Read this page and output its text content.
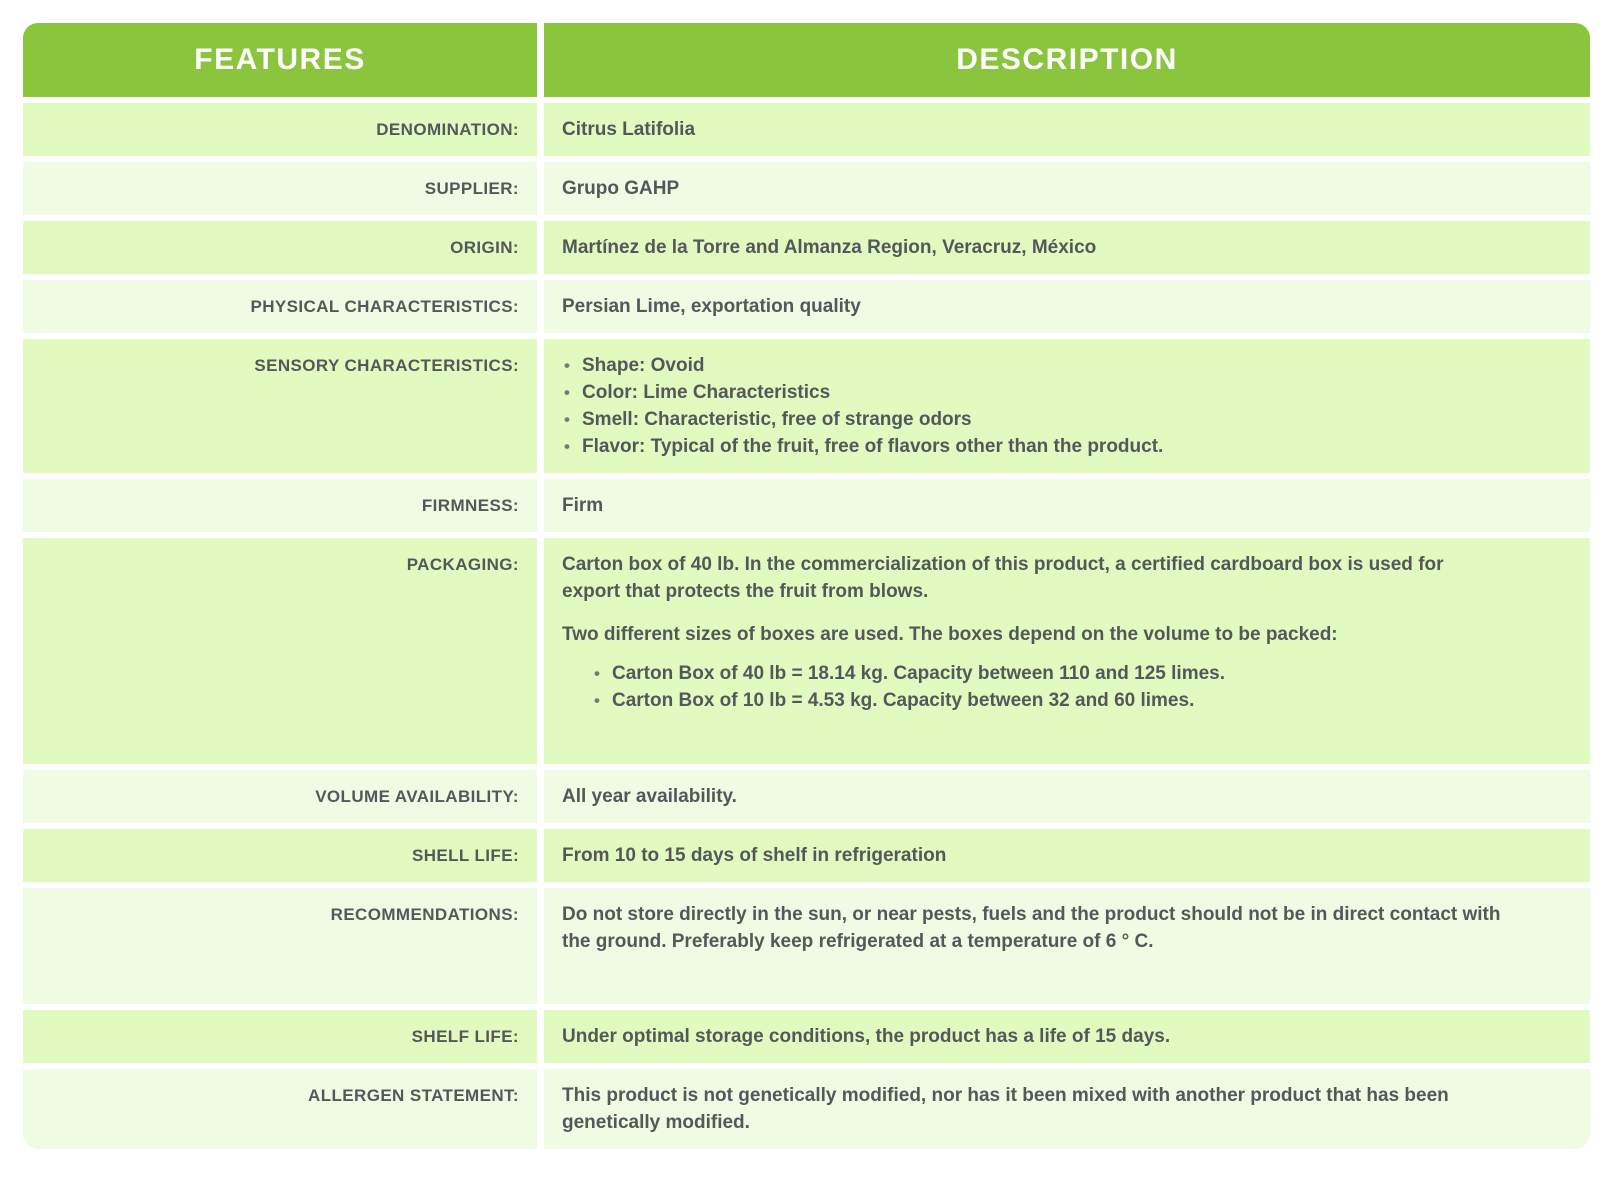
FEATURES	DESCRIPTION
DENOMINATION:	Citrus Latifolia

SUPPLIER:	Grupo GAHP

ORIGIN:	Martínez de la Torre and Almanza Region, Veracruz, México

PHYSICAL CHARACTERISTICS:	Persian Lime, exportation quality

SENSORY CHARACTERISTICS:	
•Shape: Ovoid
• Color: Lime Characteristics
• Smell: Characteristic, free of strange odors
• Flavor: Typical of the fruit, free of flavors other than the product.

FIRMNESS:	Firm

PACKAGING:	Carton box of 40 lb. In the commercialization of this product, a certified cardboard box is used for export that protects the fruit from blows.

Two different sizes of boxes are used. The boxes depend on the volume to be packed:

• Carton Box of 40 lb = 18.14 kg. Capacity between 110 and 125 limes.
• Carton Box of 10 lb = 4.53 kg. Capacity between 32 and 60 limes.

VOLUME AVAILABILITY:	All year availability.

SHELL LIFE:	From 10 to 15 days of shelf in refrigeration

RECOMMENDATIONS:	Do not store directly in the sun, or near pests, fuels and the product should not be in direct contact with the ground. Preferably keep refrigerated at a temperature of 6 ° C.

SHELF LIFE:	Under optimal storage conditions, the product has a life of 15 days.

ALLERGEN STATEMENT:	This product is not genetically modified, nor has it been mixed with another product that has been genetically modified.
